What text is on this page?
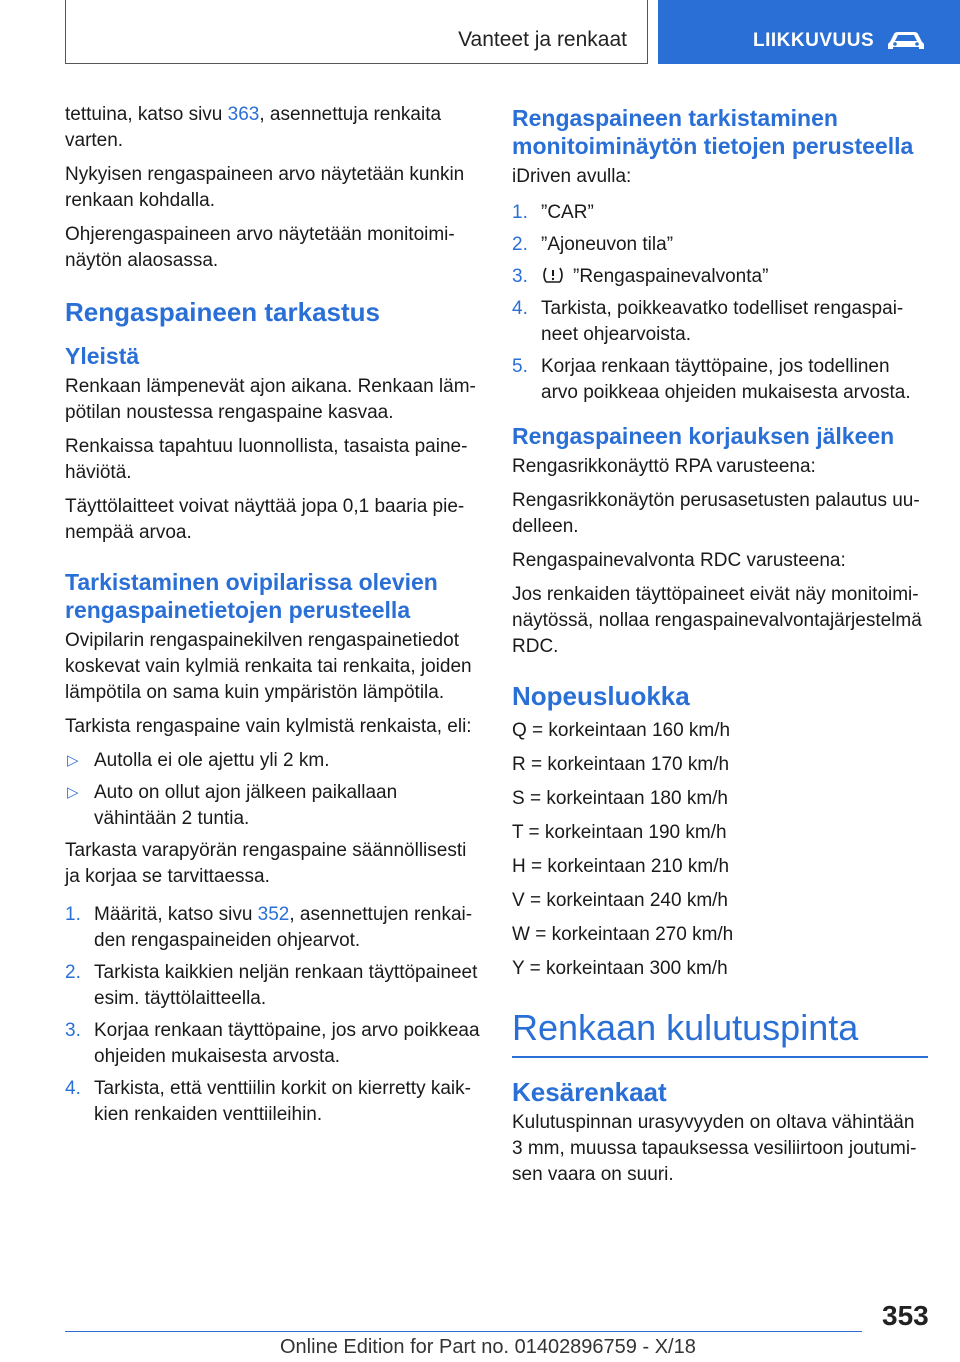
Vanteet ja renkaat	LIIKKUVUUS

tettuina, katso sivu 363, asennettuja renkaita varten.

Nykyisen rengaspaineen arvo näytetään kunkin renkaan kohdalla.

Ohjerengaspaineen arvo näytetään monitoiminäytön alaosassa.

Rengaspaineen tarkastus
Yleistä

Renkaan lämpenevät ajon aikana. Renkaan lämpötilan noustessa rengaspaine kasvaa.

Renkaissa tapahtuu luonnollista, tasaista painehäviötä.

Täyttölaitteet voivat näyttää jopa 0,1 baaria pienempää arvoa.

Tarkistaminen ovipilarissa olevien rengaspainetietojen perusteella

Ovipilarin rengaspainekilven rengaspainetiedot koskevat vain kylmiä renkaita tai renkaita, joiden lämpötila on sama kuin ympäristön lämpötila.

Tarkista rengaspaine vain kylmistä renkaista, eli:

▷ Autolla ei ole ajettu yli 2 km.
▷ Auto on ollut ajon jälkeen paikallaan vähintään 2 tuntia.

Tarkasta varapyörän rengaspaine säännöllisesti ja korjaa se tarvittaessa.

1. Määritä, katso sivu 352, asennettujen renkaiden rengaspaineiden ohjearvot.
2. Tarkista kaikkien neljän renkaan täyttöpaineet esim. täyttölaitteella.
3. Korjaa renkaan täyttöpaine, jos arvo poikkeaa ohjeiden mukaisesta arvosta.
4. Tarkista, että venttiilin korkit on kierretty kaikkien renkaiden venttiileihin.
Rengaspaineen tarkistaminen monitoiminäytön tietojen perusteella

iDriven avulla:

1. ”CAR”
2. ”Ajoneuvon tila”
3. ”Rengaspainevalvonta”
4. Tarkista, poikkeavatko todelliset rengaspaineet ohjearvoista.
5. Korjaa renkaan täyttöpaine, jos todellinen arvo poikkeaa ohjeiden mukaisesta arvosta.
Rengaspaineen korjauksen jälkeen

Rengasrikkonäyttö RPA varusteena:

Rengasrikkonäytön perusasetusten palautus uudelleen.

Rengaspainevalvonta RDC varusteena:

Jos renkaiden täyttöpaineet eivät näy monitoiminäytössä, nollaa rengaspainevalvontajärjestelmä RDC.

Nopeusluokka

Q = korkeintaan 160 km/h

R = korkeintaan 170 km/h

S = korkeintaan 180 km/h

T = korkeintaan 190 km/h

H = korkeintaan 210 km/h

V = korkeintaan 240 km/h

W = korkeintaan 270 km/h

Y = korkeintaan 300 km/h

Renkaan kulutuspinta
Kesärenkaat

Kulutuspinnan urasyvyyden on oltava vähintään 3 mm, muussa tapauksessa vesiliirtoon joutumisen vaara on suuri.

353
Online Edition for Part no. 01402896759 - X/18
